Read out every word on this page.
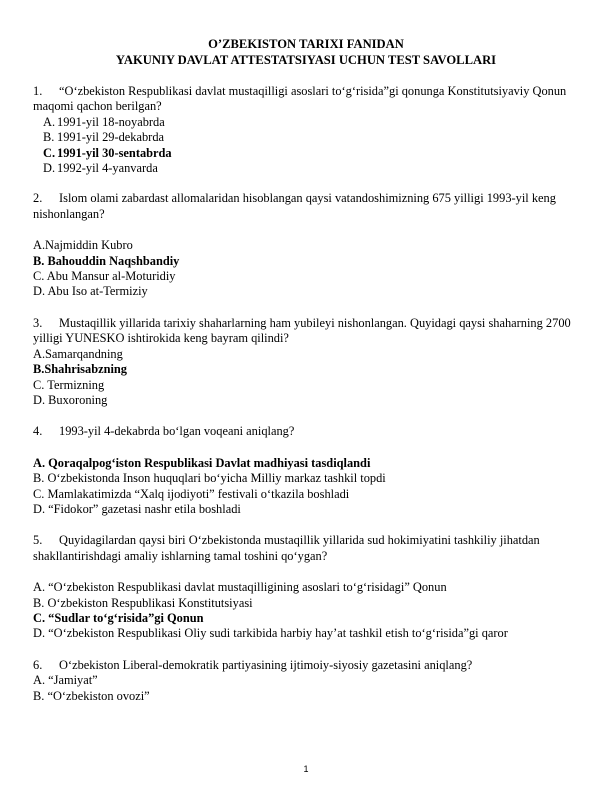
O’ZBEKISTON TARIXI FANIDAN
YAKUNIY DAVLAT ATTESTATSIYASI UCHUN TEST SAVOLLARI

1. “O‘zbekiston Respublikasi davlat mustaqilligi asoslari to‘g‘risida”gi qonunga Konstitutsiyaviy Qonun maqomi qachon berilgan?

A. 1991-yil 18-noyabrda
B. 1991-yil 29-dekabrda
C. 1991-yil 30-sentabrda
D. 1992-yil 4-yanvarda

2. Islom olami zabardast allomalaridan hisoblangan qaysi vatandoshimizning 675 yilligi 1993-yil keng nishonlangan?

A.Najmiddin Kubro
B. Bahouddin Naqshbandiy
C. Abu Mansur al-Moturidiy
D. Abu Iso at-Termiziy

3. Mustaqillik yillarida tarixiy shaharlarning ham yubileyi nishonlangan. Quyidagi qaysi shaharning 2700 yilligi YUNESKO ishtirokida keng bayram qilindi?

A.Samarqandning
B.Shahrisabzning
C. Termizning
D. Buxoroning

4. 1993-yil 4-dekabrda bo‘lgan voqeani aniqlang?

A. Qoraqalpog‘iston Respublikasi Davlat madhiyasi tasdiqlandi
B. O‘zbekistonda Inson huquqlari bo‘yicha Milliy markaz tashkil topdi
C. Mamlakatimizda “Xalq ijodiyoti” festivali o‘tkazila boshladi
D. “Fidokor” gazetasi nashr etila boshladi

5. Quyidagilardan qaysi biri O‘zbekistonda mustaqillik yillarida sud hokimiyatini tashkiliy jihatdan shakllantirishdagi amaliy ishlarning tamal toshini qo‘ygan?

A. “O‘zbekiston Respublikasi davlat mustaqilligining asoslari to‘g‘risidagi” Qonun
B. O‘zbekiston Respublikasi Konstitutsiyasi
C. “Sudlar to‘g‘risida”gi Qonun
D. “O‘zbekiston Respublikasi Oliy sudi tarkibida harbiy hay’at tashkil etish to‘g‘risida”gi qaror

6. O‘zbekiston Liberal-demokratik partiyasining ijtimoiy-siyosiy gazetasini aniqlang?

A. “Jamiyat”
B. “O‘zbekiston ovozi”
1
